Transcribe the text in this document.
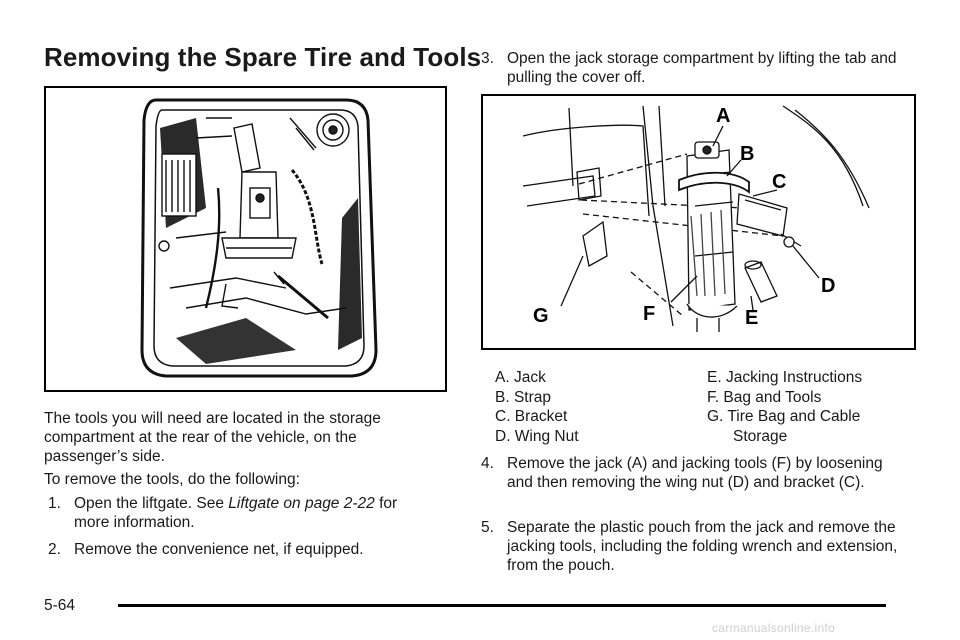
Removing the Spare Tire and Tools

The tools you will need are located in the storage compartment at the rear of the vehicle, on the passenger’s side.

To remove the tools, do the following:

1. Open the liftgate. See Liftgate on page 2-22 for more information.
2. Remove the convenience net, if equipped.
3. Open the jack storage compartment by lifting the tab and pulling the cover off.
A
B
C
D
E
F
G
A. Jack
B. Strap
C. Bracket
D. Wing Nut
E. Jacking Instructions
F. Bag and Tools
G. Tire Bag and Cable
Storage
4. Remove the jack (A) and jacking tools (F) by loosening and then removing the wing nut (D) and bracket (C).
5. Separate the plastic pouch from the jack and remove the jacking tools, including the folding wrench and extension, from the pouch.
5-64
carmanualsonline.info
